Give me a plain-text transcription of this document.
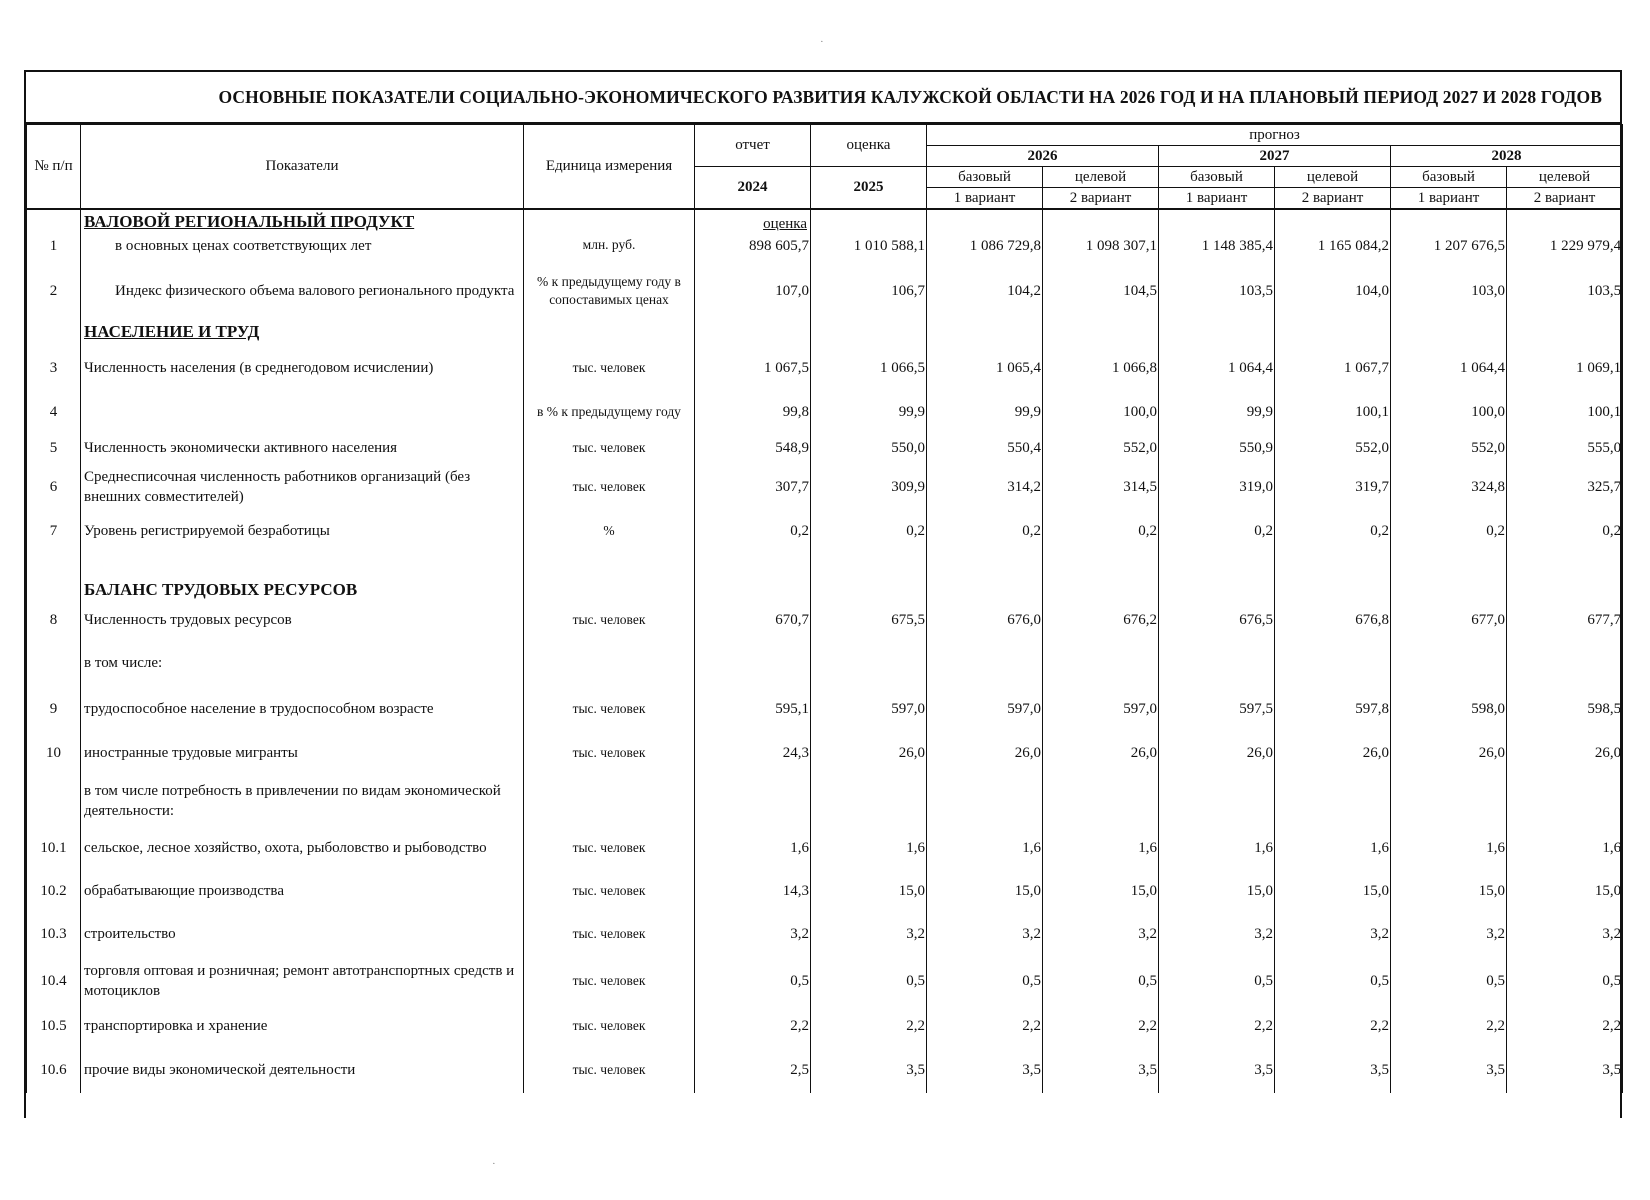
ОСНОВНЫЕ ПОКАЗАТЕЛИ СОЦИАЛЬНО-ЭКОНОМИЧЕСКОГО РАЗВИТИЯ КАЛУЖСКОЙ ОБЛАСТИ НА 2026 ГОД И НА ПЛАНОВЫЙ ПЕРИОД 2027 И 2028 ГОДОВ
№ п/п	Показатели	Единица измерения	отчет	оценка	прогноз					
					2026		2027		2028	
			2024	2025	базовый	целевой	базовый	целевой	базовый	целевой
					1 вариант	2 вариант	1 вариант	2 вариант	1 вариант	2 вариант
	ВАЛОВОЙ РЕГИОНАЛЬНЫЙ ПРОДУКТ		оценка							
1	в основных ценах соответствующих лет	млн. руб.	898 605,7	1 010 588,1	1 086 729,8	1 098 307,1	1 148 385,4	1 165 084,2	1 207 676,5	1 229 979,4
2	Индекс физического объема валового регионального продукта	% к предыдущему году в сопоставимых ценах	107,0	106,7	104,2	104,5	103,5	104,0	103,0	103,5
	НАСЕЛЕНИЕ И ТРУД									
3	Численность населения (в среднегодовом исчислении)	тыс. человек	1 067,5	1 066,5	1 065,4	1 066,8	1 064,4	1 067,7	1 064,4	1 069,1
4		в % к предыдущему году	99,8	99,9	99,9	100,0	99,9	100,1	100,0	100,1
5	Численность экономически активного населения	тыс. человек	548,9	550,0	550,4	552,0	550,9	552,0	552,0	555,0
6	Среднесписочная численность работников организаций (без внешних совместителей)	тыс. человек	307,7	309,9	314,2	314,5	319,0	319,7	324,8	325,7
7	Уровень регистрируемой безработицы	%	0,2	0,2	0,2	0,2	0,2	0,2	0,2	0,2
	БАЛАНС ТРУДОВЫХ РЕСУРСОВ									
8	Численность трудовых ресурсов	тыс. человек	670,7	675,5	676,0	676,2	676,5	676,8	677,0	677,7
	в том числе:									
9	трудоспособное население в трудоспособном возрасте	тыс. человек	595,1	597,0	597,0	597,0	597,5	597,8	598,0	598,5
10	иностранные трудовые мигранты	тыс. человек	24,3	26,0	26,0	26,0	26,0	26,0	26,0	26,0
	в том числе потребность в привлечении по видам экономической деятельности:									
10.1	сельское, лесное хозяйство, охота, рыболовство и рыбоводство	тыс. человек	1,6	1,6	1,6	1,6	1,6	1,6	1,6	1,6
10.2	обрабатывающие производства	тыс. человек	14,3	15,0	15,0	15,0	15,0	15,0	15,0	15,0
10.3	строительство	тыс. человек	3,2	3,2	3,2	3,2	3,2	3,2	3,2	3,2
10.4	торговля оптовая и розничная; ремонт автотранспортных средств и мотоциклов	тыс. человек	0,5	0,5	0,5	0,5	0,5	0,5	0,5	0,5
10.5	транспортировка и хранение	тыс. человек	2,2	2,2	2,2	2,2	2,2	2,2	2,2	2,2
10.6	прочие виды экономической деятельности	тыс. человек	2,5	3,5	3,5	3,5	3,5	3,5	3,5	3,5
·
·
